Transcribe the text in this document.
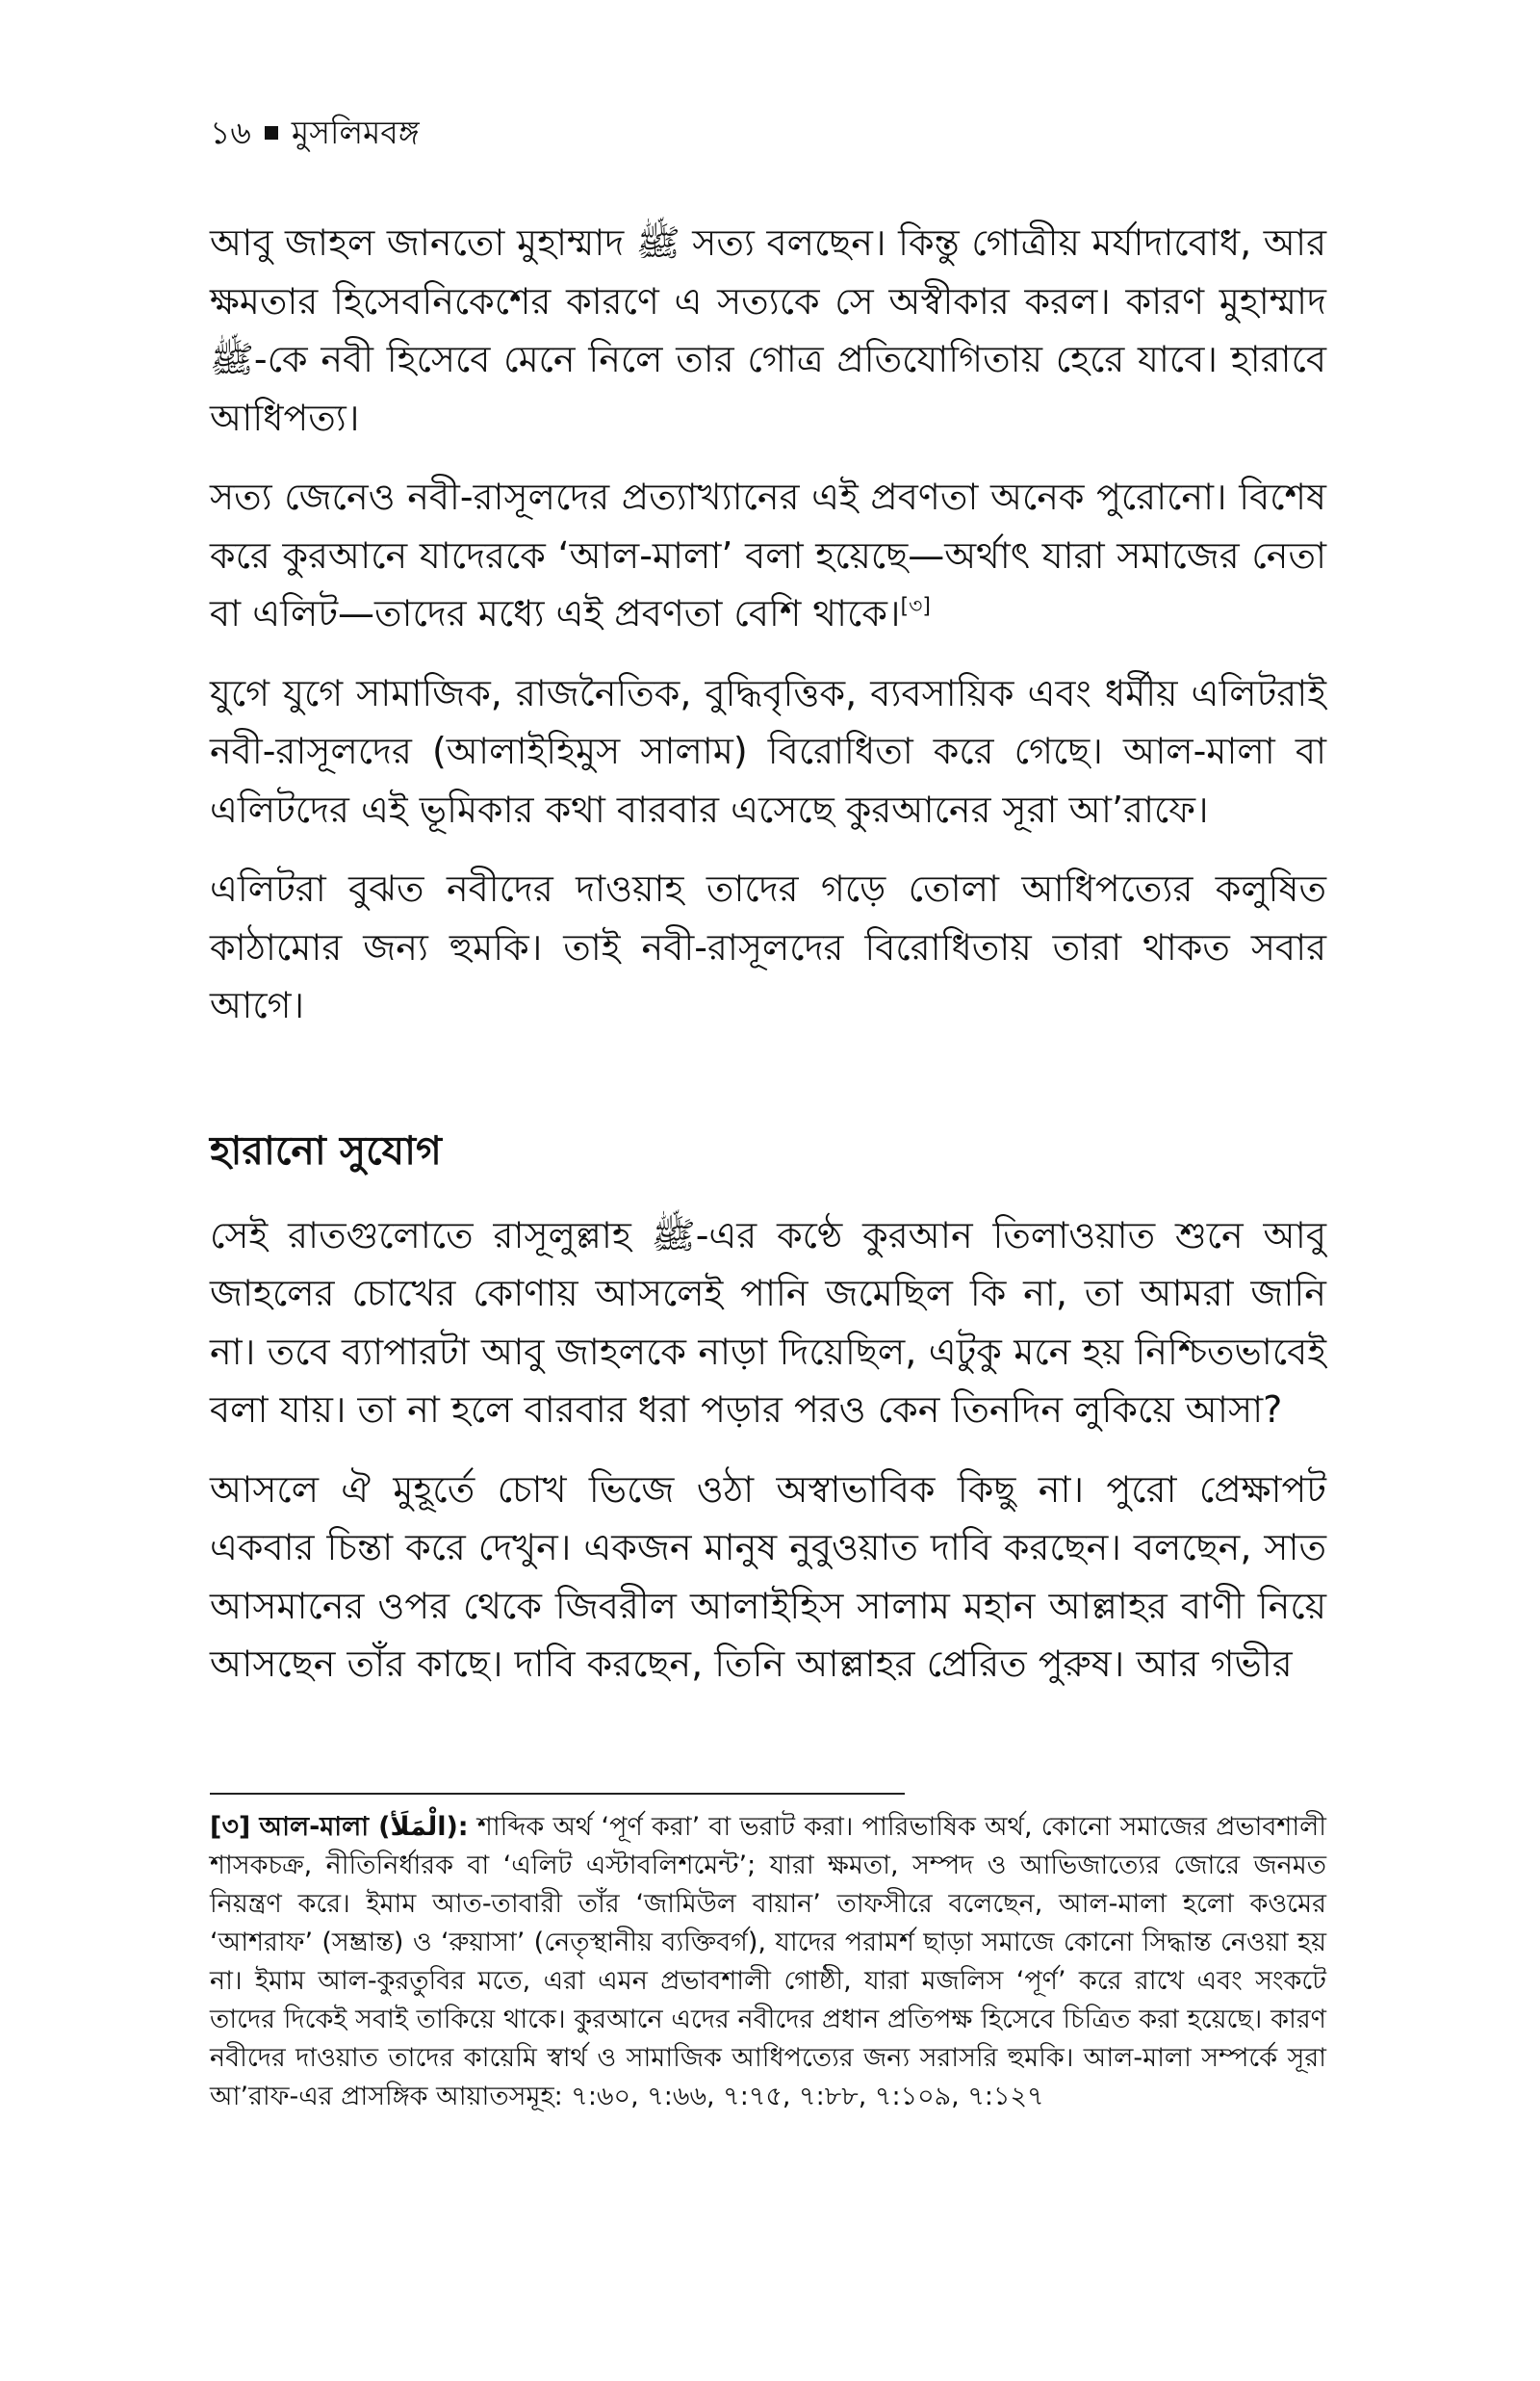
১৬ মুসলিমবঙ্গ

আবু জাহল জানতো মুহাম্মাদ ﷺ সত্য বলছেন। কিন্তু গোত্রীয় মর্যাদাবোধ, আর ক্ষমতার হিসেবনিকেশের কারণে এ সত্যকে সে অস্বীকার করল। কারণ মুহাম্মাদ ﷺ-কে নবী হিসেবে মেনে নিলে তার গোত্র প্রতিযোগিতায় হেরে যাবে। হারাবে আধিপত্য।

সত্য জেনেও নবী-রাসূলদের প্রত্যাখ্যানের এই প্রবণতা অনেক পুরোনো। বিশেষ করে কুরআনে যাদেরকে ‘আল-মালা’ বলা হয়েছে—অর্থাৎ যারা সমাজের নেতা বা এলিট—তাদের মধ্যে এই প্রবণতা বেশি থাকে।[৩]

যুগে যুগে সামাজিক, রাজনৈতিক, বুদ্ধিবৃত্তিক, ব্যবসায়িক এবং ধর্মীয় এলিটরাই নবী-রাসূলদের (আলাইহিমুস সালাম) বিরোধিতা করে গেছে। আল-মালা বা এলিটদের এই ভূমিকার কথা বারবার এসেছে কুরআনের সূরা আ’রাফে।

এলিটরা বুঝত নবীদের দাওয়াহ তাদের গড়ে তোলা আধিপত্যের কলুষিত কাঠামোর জন্য হুমকি। তাই নবী-রাসূলদের বিরোধিতায় তারা থাকত সবার আগে।

হারানো সুযোগ

সেই রাতগুলোতে রাসূলুল্লাহ ﷺ-এর কণ্ঠে কুরআন তিলাওয়াত শুনে আবু জাহলের চোখের কোণায় আসলেই পানি জমেছিল কি না, তা আমরা জানি না। তবে ব্যাপারটা আবু জাহলকে নাড়া দিয়েছিল, এটুকু মনে হয় নিশ্চিতভাবেই বলা যায়। তা না হলে বারবার ধরা পড়ার পরও কেন তিনদিন লুকিয়ে আসা?

আসলে ঐ মুহূর্তে চোখ ভিজে ওঠা অস্বাভাবিক কিছু না। পুরো প্রেক্ষাপট একবার চিন্তা করে দেখুন। একজন মানুষ নুবুওয়াত দাবি করছেন। বলছেন, সাত আসমানের ওপর থেকে জিবরীল আলাইহিস সালাম মহান আল্লাহর বাণী নিয়ে আসছেন তাঁর কাছে। দাবি করছেন, তিনি আল্লাহর প্রেরিত পুরুষ। আর গভীর

[৩] আল-মালা (الْمَلَأ): শাব্দিক অর্থ ‘পূর্ণ করা’ বা ভরাট করা। পারিভাষিক অর্থ, কোনো সমাজের প্রভাবশালী শাসকচক্র, নীতিনির্ধারক বা ‘এলিট এস্টাবলিশমেন্ট’; যারা ক্ষমতা, সম্পদ ও আভিজাত্যের জোরে জনমত নিয়ন্ত্রণ করে। ইমাম আত-তাবারী তাঁর ‘জামিউল বায়ান’ তাফসীরে বলেছেন, আল-মালা হলো কওমের ‘আশরাফ’ (সম্ভ্রান্ত) ও ‘রুয়াসা’ (নেতৃস্থানীয় ব্যক্তিবর্গ), যাদের পরামর্শ ছাড়া সমাজে কোনো সিদ্ধান্ত নেওয়া হয় না। ইমাম আল-কুরতুবির মতে, এরা এমন প্রভাবশালী গোষ্ঠী, যারা মজলিস ‘পূর্ণ’ করে রাখে এবং সংকটে তাদের দিকেই সবাই তাকিয়ে থাকে। কুরআনে এদের নবীদের প্রধান প্রতিপক্ষ হিসেবে চিত্রিত করা হয়েছে। কারণ নবীদের দাওয়াত তাদের কায়েমি স্বার্থ ও সামাজিক আধিপত্যের জন্য সরাসরি হুমকি। আল-মালা সম্পর্কে সূরা আ’রাফ-এর প্রাসঙ্গিক আয়াতসমূহ: ৭:৬০, ৭:৬৬, ৭:৭৫, ৭:৮৮, ৭:১০৯, ৭:১২৭
